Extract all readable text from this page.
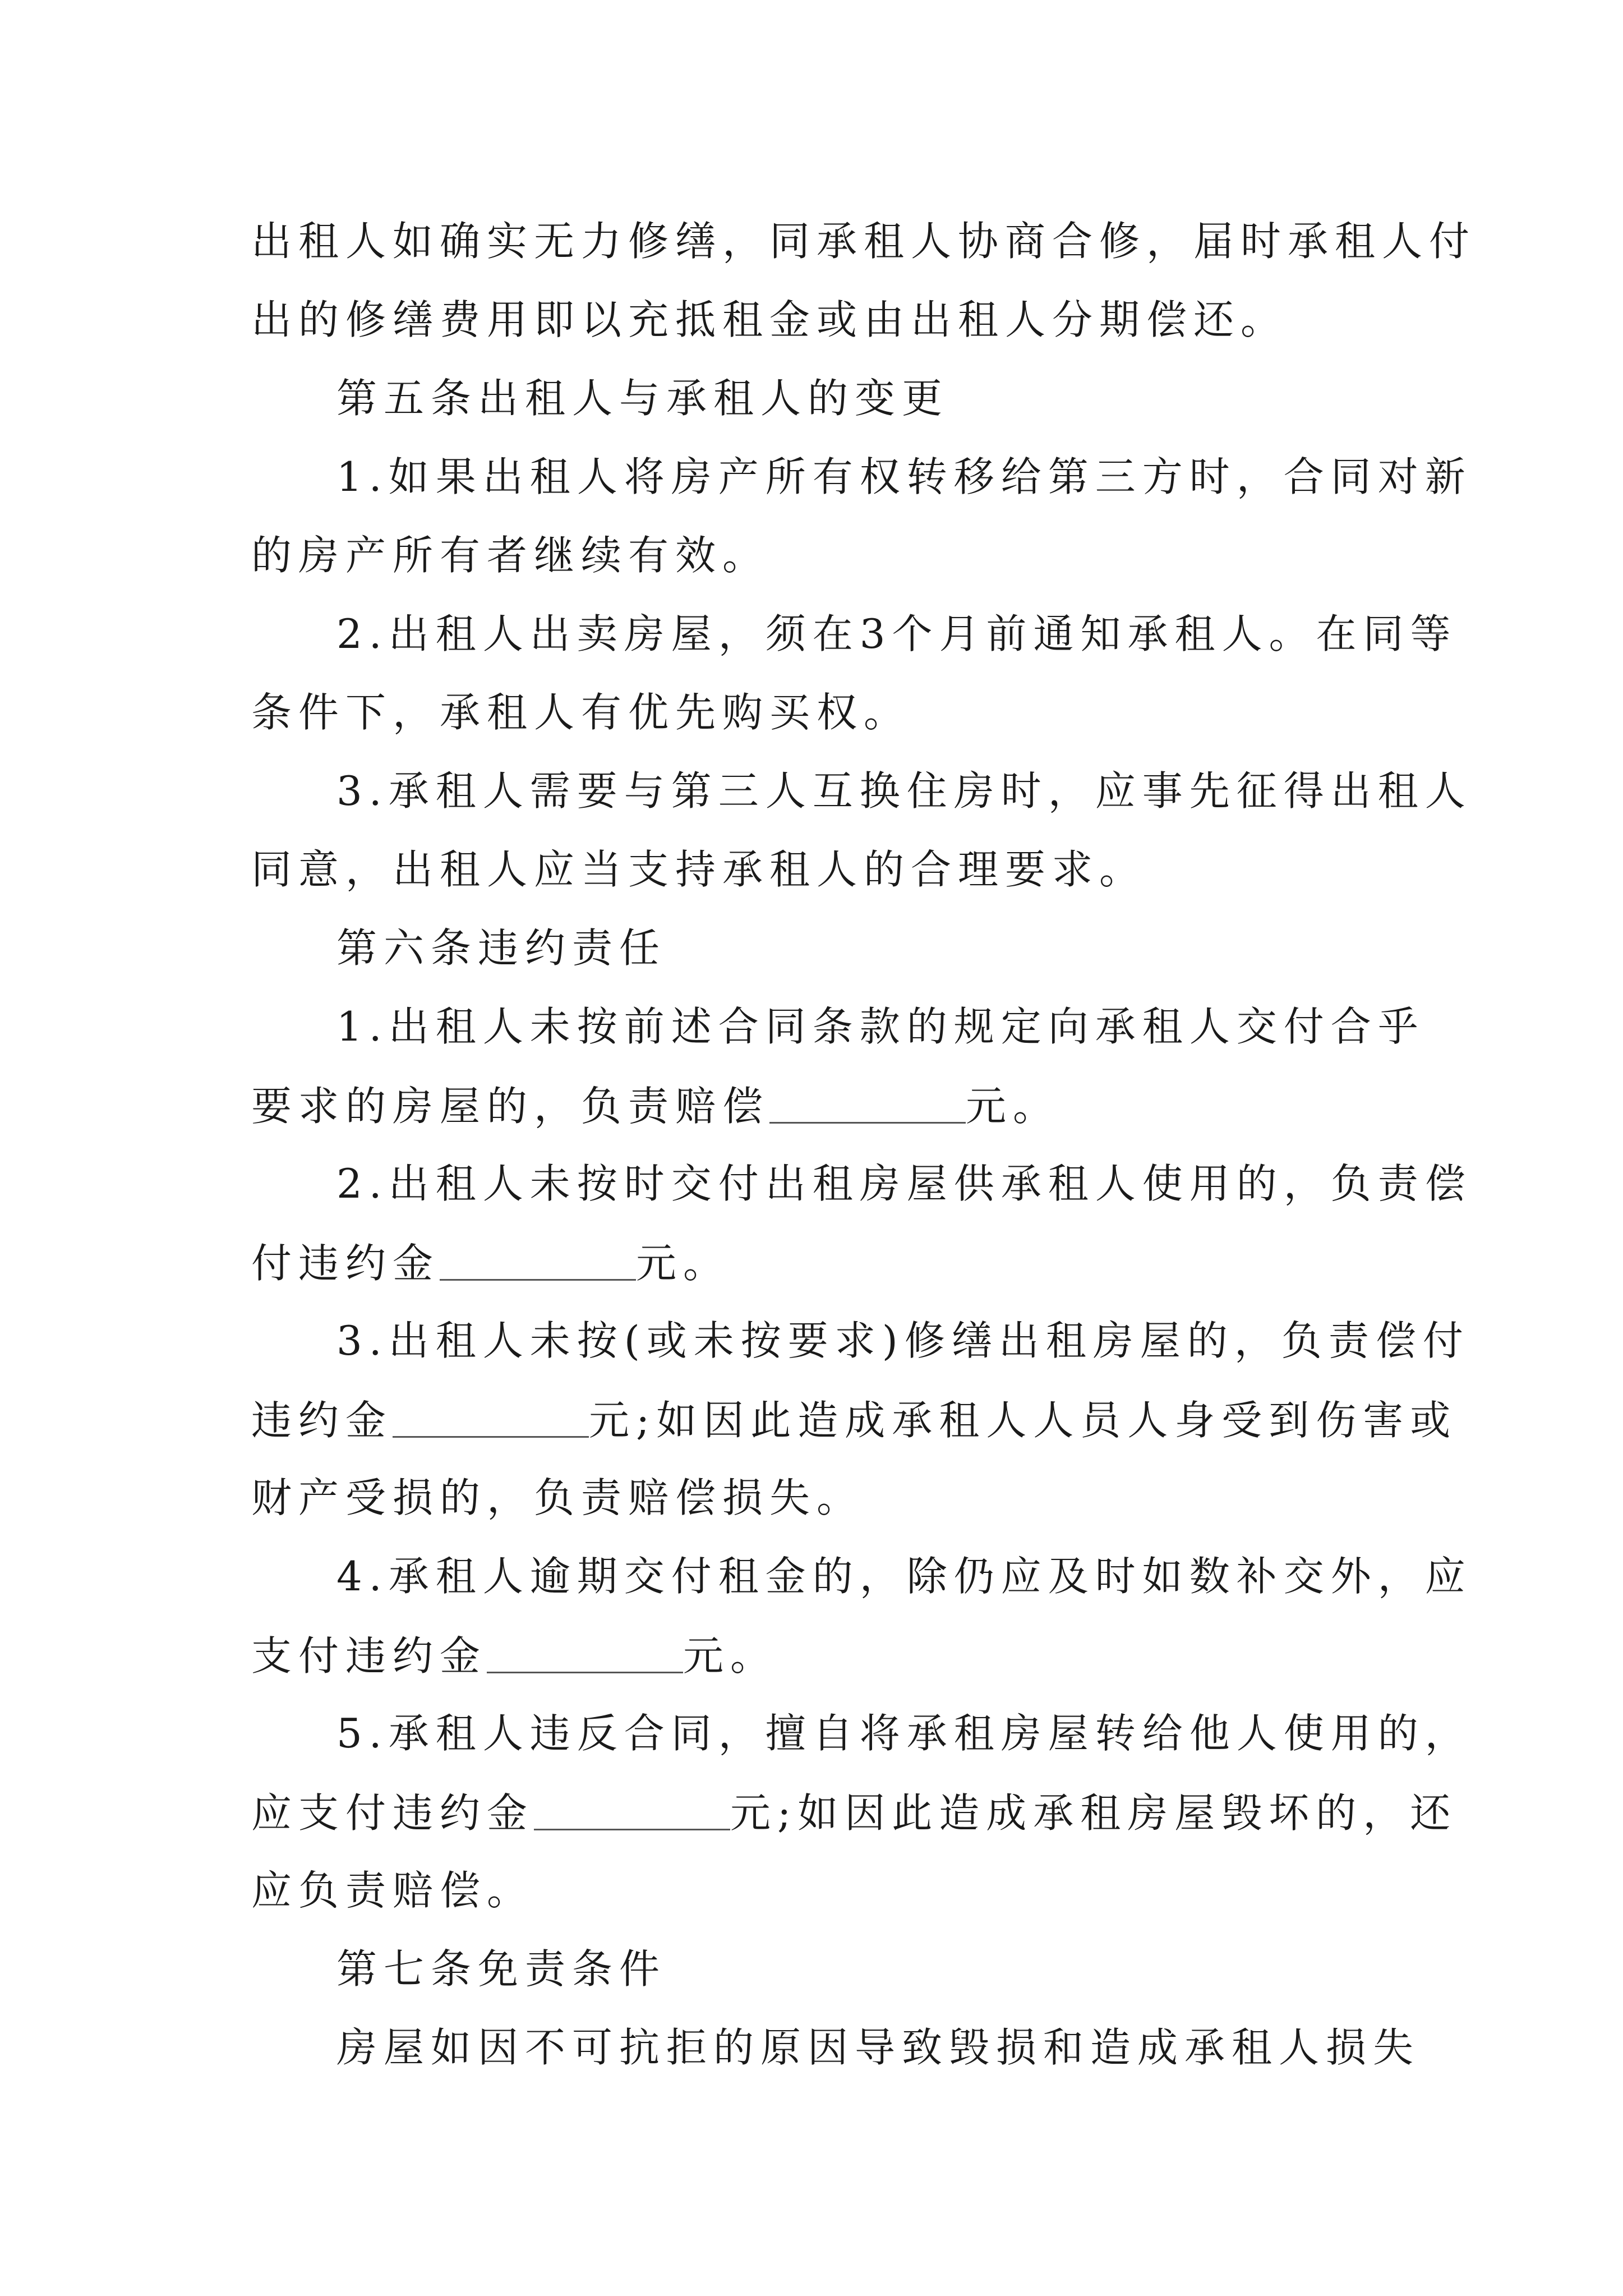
出租人如确实无力修缮，同承租人协商合修，届时承租人付
出的修缮费用即以充抵租金或由出租人分期偿还。
第五条出租人与承租人的变更
1.如果出租人将房产所有权转移给第三方时，合同对新
的房产所有者继续有效。
2.出租人出卖房屋，须在3个月前通知承租人。在同等
条件下，承租人有优先购买权。
3.承租人需要与第三人互换住房时，应事先征得出租人
同意，出租人应当支持承租人的合理要求。
第六条违约责任
1.出租人未按前述合同条款的规定向承租人交付合乎
要求的房屋的，负责赔偿	元。
2.出租人未按时交付出租房屋供承租人使用的，负责偿
付违约金	元。
3.出租人未按(或未按要求)修缮出租房屋的，负责偿付
违约金	元;如因此造成承租人人员人身受到伤害或
财产受损的，负责赔偿损失。
4.承租人逾期交付租金的，除仍应及时如数补交外，应
支付违约金	元。
5.承租人违反合同，擅自将承租房屋转给他人使用的，
应支付违约金	元;如因此造成承租房屋毁坏的，还
应负责赔偿。
第七条免责条件
房屋如因不可抗拒的原因导致毁损和造成承租人损失
